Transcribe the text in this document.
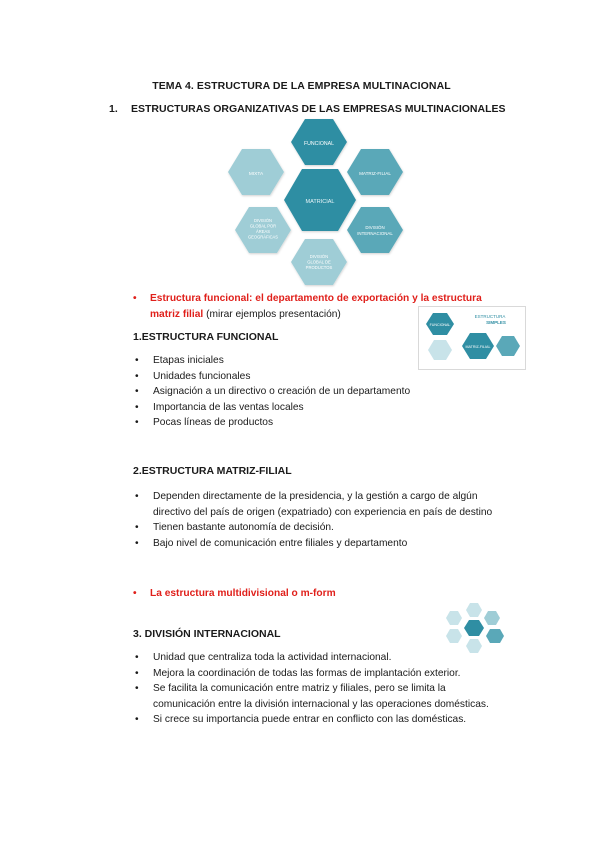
TEMA 4. ESTRUCTURA DE LA EMPRESA MULTINACIONAL
1. ESTRUCTURAS ORGANIZATIVAS DE LAS EMPRESAS MULTINACIONALES
MATRICIAL
FUNCIONAL
MATRIZ-FILIAL
DIVISIÓN
INTERNACIONAL
DIVISIÓN
GLOBAL DE
PRODUCTOS
DIVISIÓN
GLOBAL POR
ÁREAS
GEOGRÁFICAS
MIXTA
• Estructura funcional: el departamento de exportación y la estructura
matriz filial (mirar ejemplos presentación)	ESTRUCTURA
SIMPLES
FUNCIONAL
MATRIZ-FILIAL
1.ESTRUCTURA FUNCIONAL
• Etapas iniciales
• Unidades funcionales
• Asignación a un directivo o creación de un departamento
• Importancia de las ventas locales
• Pocas líneas de productos
2.ESTRUCTURA MATRIZ-FILIAL
• Dependen directamente de la presidencia, y la gestión a cargo de algún
directivo del país de origen (expatriado) con experiencia en país de destino
• Tienen bastante autonomía de decisión.
• Bajo nivel de comunicación entre filiales y departamento
• La estructura multidivisional o m-form
3. DIVISIÓN INTERNACIONAL
• Unidad que centraliza toda la actividad internacional.
• Mejora la coordinación de todas las formas de implantación exterior.
• Se facilita la comunicación entre matriz y filiales, pero se limita la
comunicación entre la división internacional y las operaciones domésticas.
• Si crece su importancia puede entrar en conflicto con las domésticas.
